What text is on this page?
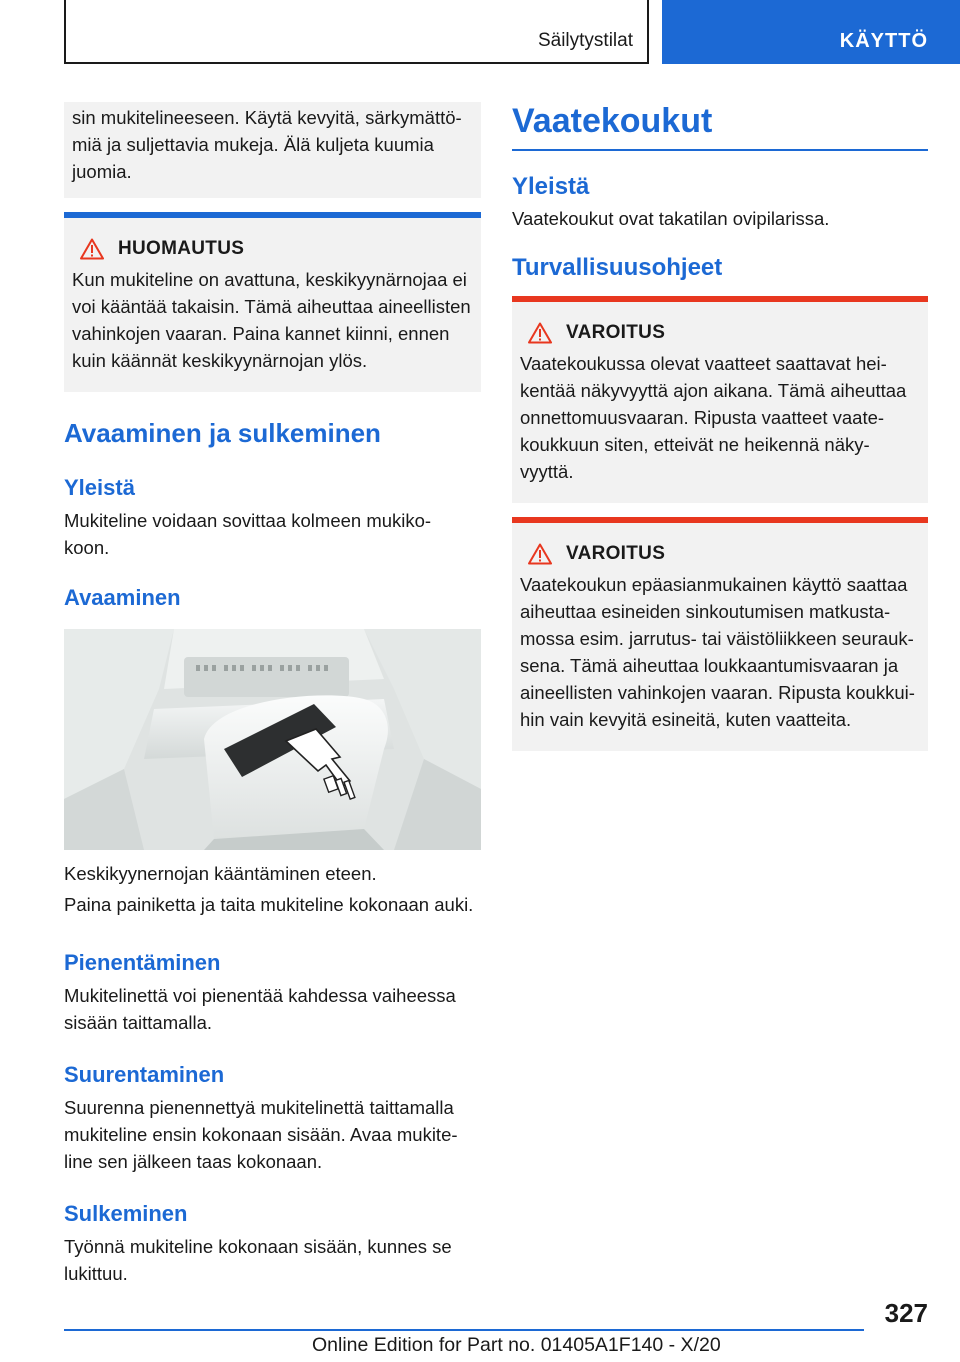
Säilytystilat	KÄYTTÖ

sin mukitelineeseen. Käytä kevyitä, särkymättö- miä ja suljettavia mukeja. Älä kuljeta kuumia juomia.

HUOMAUTUS

Kun mukiteline on avattuna, keskikyynärnojaa ei voi kääntää takaisin. Tämä aiheuttaa aineellisten vahinkojen vaaran. Paina kannet kiinni, ennen kuin käännät keskikyynärnojan ylös.

Avaaminen ja sulkeminen
Yleistä

Mukiteline voidaan sovittaa kolmeen mukiko- koon.

Avaaminen

Keskikyynernojan kääntäminen eteen.

Paina painiketta ja taita mukiteline kokonaan auki.

Pienentäminen

Mukitelinettä voi pienentää kahdessa vaiheessa sisään taittamalla.

Suurentaminen

Suurenna pienennettyä mukitelinettä taittamalla mukiteline ensin kokonaan sisään. Avaa mukite- line sen jälkeen taas kokonaan.

Sulkeminen

Työnnä mukiteline kokonaan sisään, kunnes se lukittuu.

Vaatekoukut
Yleistä

Vaatekoukut ovat takatilan ovipilarissa.

Turvallisuusohjeet
VAROITUS

Vaatekoukussa olevat vaatteet saattavat hei- kentää näkyvyyttä ajon aikana. Tämä aiheuttaa onnettomuusvaaran. Ripusta vaatteet vaate- koukkuun siten, etteivät ne heikennä näky- vyyttä.

VAROITUS

Vaatekoukun epäasianmukainen käyttö saattaa aiheuttaa esineiden sinkoutumisen matkusta- mossa esim. jarrutus- tai väistöliikkeen seurauk- sena. Tämä aiheuttaa loukkaantumisvaaran ja aineellisten vahinkojen vaaran. Ripusta koukkui- hin vain kevyitä esineitä, kuten vaatteita.

327
Online Edition for Part no. 01405A1F140 - X/20
